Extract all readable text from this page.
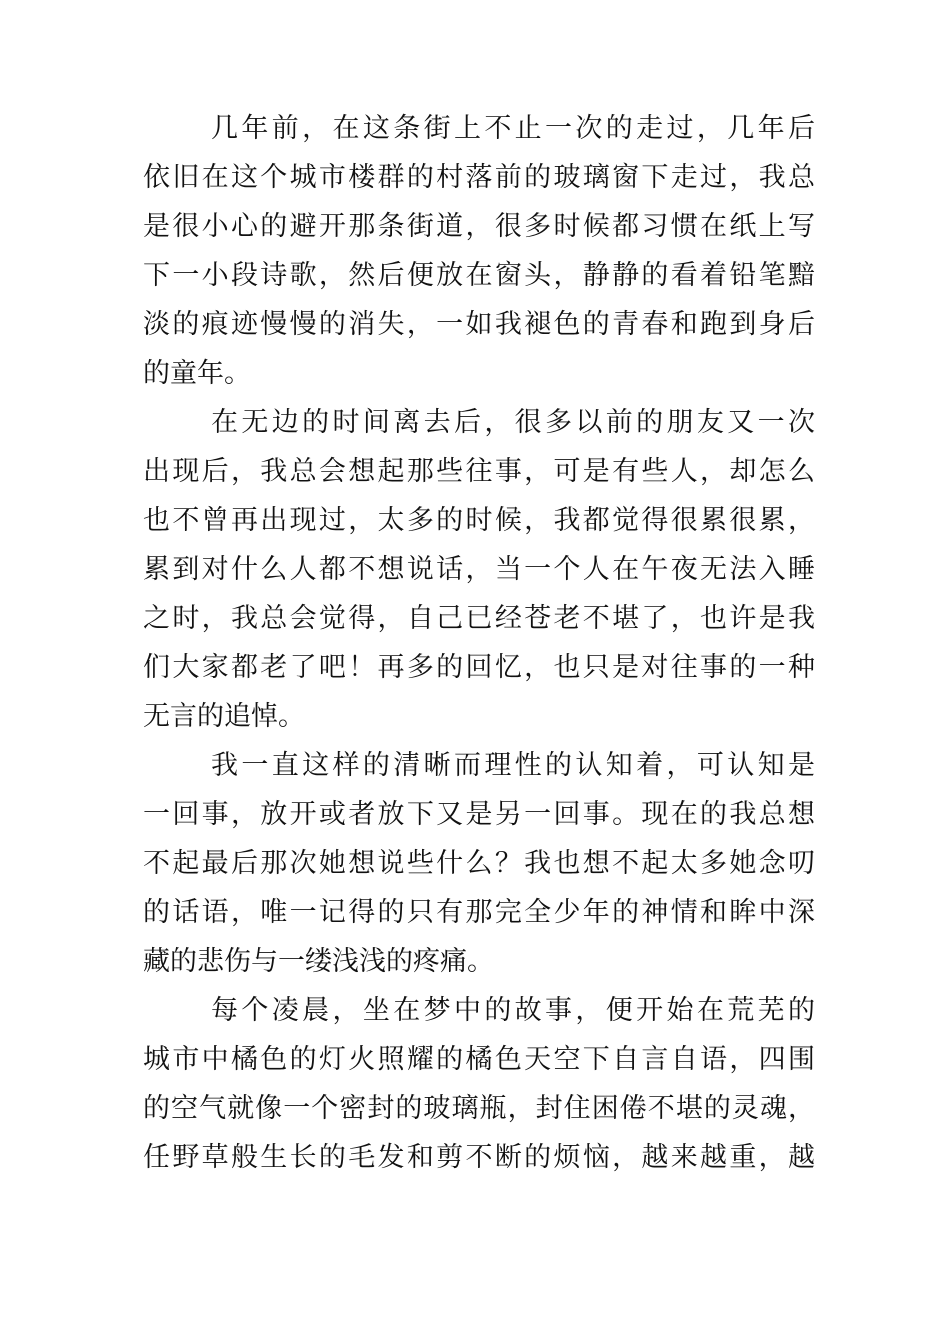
几年前，在这条街上不止一次的走过，几年后
依旧在这个城市楼群的村落前的玻璃窗下走过，我总
是很小心的避开那条街道，很多时候都习惯在纸上写
下一小段诗歌，然后便放在窗头，静静的看着铅笔黯
淡的痕迹慢慢的消失，一如我褪色的青春和跑到身后
的童年。
在无边的时间离去后，很多以前的朋友又一次
出现后，我总会想起那些往事，可是有些人，却怎么
也不曾再出现过，太多的时候，我都觉得很累很累，
累到对什么人都不想说话，当一个人在午夜无法入睡
之时，我总会觉得，自己已经苍老不堪了，也许是我
们大家都老了吧！再多的回忆，也只是对往事的一种
无言的追悼。
我一直这样的清晰而理性的认知着，可认知是
一回事，放开或者放下又是另一回事。现在的我总想
不起最后那次她想说些什么？我也想不起太多她念叨
的话语，唯一记得的只有那完全少年的神情和眸中深
藏的悲伤与一缕浅浅的疼痛。
每个凌晨，坐在梦中的故事，便开始在荒芜的
城市中橘色的灯火照耀的橘色天空下自言自语，四围
的空气就像一个密封的玻璃瓶，封住困倦不堪的灵魂，
任野草般生长的毛发和剪不断的烦恼，越来越重，越
